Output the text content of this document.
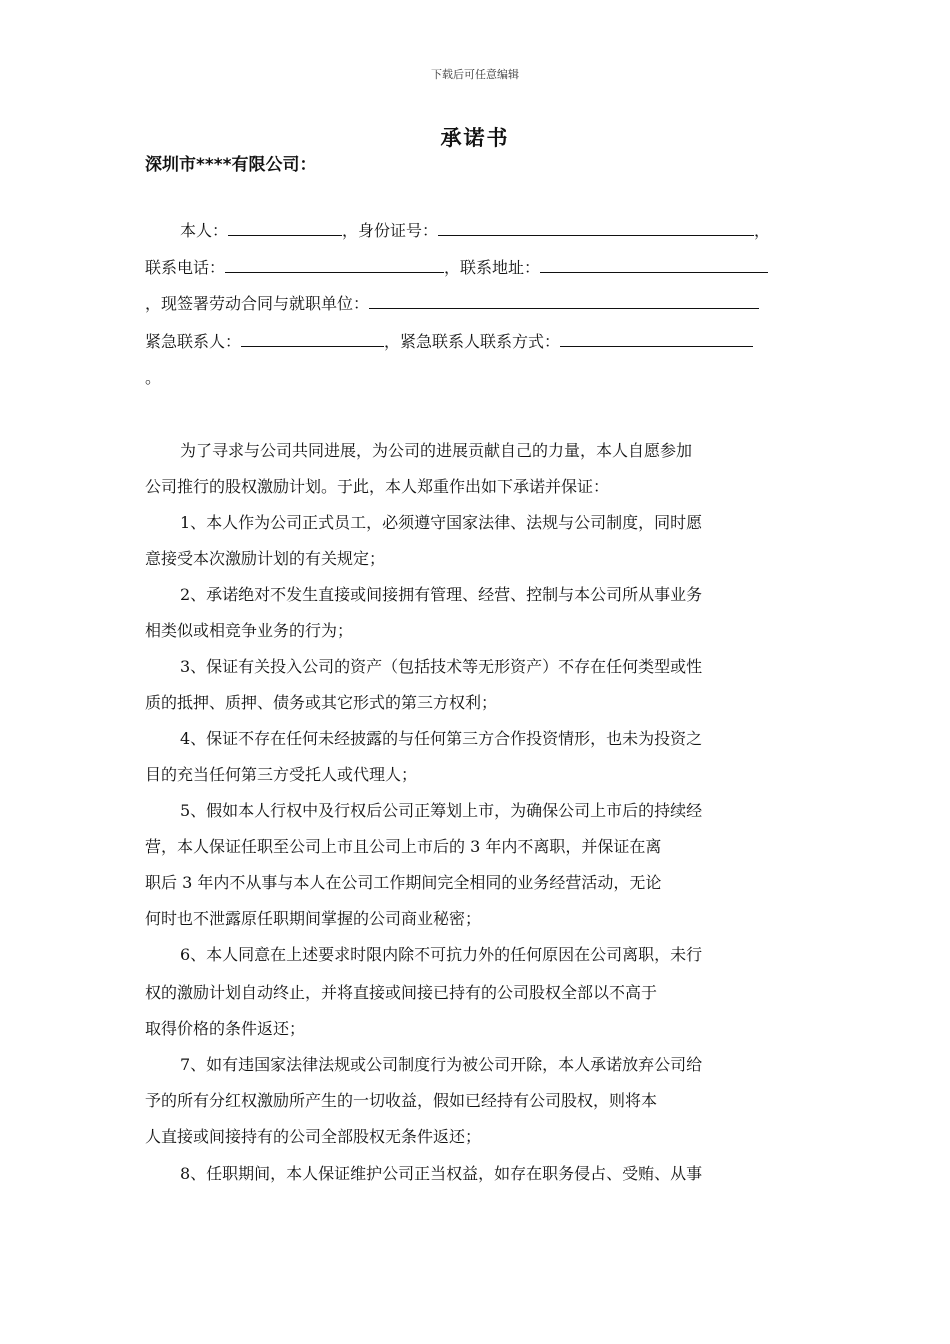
下载后可任意编辑
承诺书
深圳市****有限公司：
本人：	，身份证号：	，
联系电话：	，联系地址：
，现签署劳动合同与就职单位：
紧急联系人：	，紧急联系人联系方式：
。
为了寻求与公司共同进展，为公司的进展贡献自己的力量，本人自愿参加
公司推行的股权激励计划。于此，本人郑重作出如下承诺并保证：
1、本人作为公司正式员工，必须遵守国家法律、法规与公司制度，同时愿
意接受本次激励计划的有关规定；
2、承诺绝对不发生直接或间接拥有管理、经营、控制与本公司所从事业务
相类似或相竞争业务的行为；
3、保证有关投入公司的资产（包括技术等无形资产）不存在任何类型或性
质的抵押、质押、债务或其它形式的第三方权利；
4、保证不存在任何未经披露的与任何第三方合作投资情形，也未为投资之
目的充当任何第三方受托人或代理人；
5、假如本人行权中及行权后公司正筹划上市，为确保公司上市后的持续经
营，本人保证任职至公司上市且公司上市后的 3 年内不离职，并保证在离
职后 3 年内不从事与本人在公司工作期间完全相同的业务经营活动，无论
何时也不泄露原任职期间掌握的公司商业秘密；
6、本人同意在上述要求时限内除不可抗力外的任何原因在公司离职，未行
权的激励计划自动终止，并将直接或间接已持有的公司股权全部以不高于
取得价格的条件返还；
7、如有违国家法律法规或公司制度行为被公司开除，本人承诺放弃公司给
予的所有分红权激励所产生的一切收益，假如已经持有公司股权，则将本
人直接或间接持有的公司全部股权无条件返还；
8、任职期间，本人保证维护公司正当权益，如存在职务侵占、受贿、从事
